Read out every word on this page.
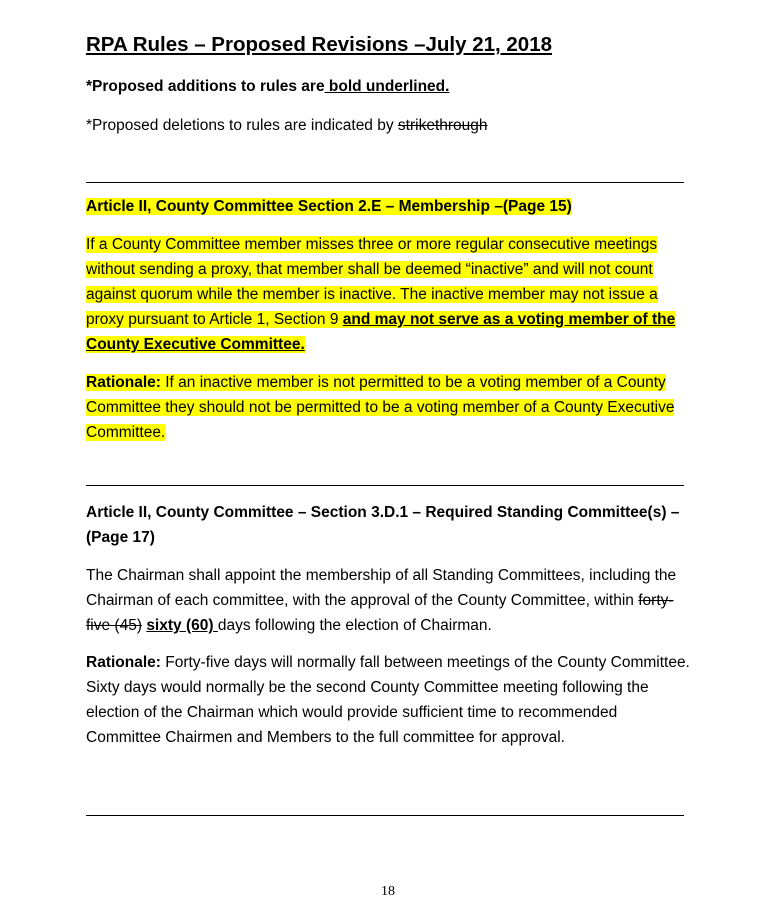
RPA Rules – Proposed Revisions –July 21, 2018
*Proposed additions to rules are bold underlined.
*Proposed deletions to rules are indicated by strikethrough
Article II, County Committee Section 2.E – Membership –(Page 15)
If a County Committee member misses three or more regular consecutive meetings without sending a proxy, that member shall be deemed “inactive” and will not count against quorum while the member is inactive. The inactive member may not issue a proxy pursuant to Article 1, Section 9 and may not serve as a voting member of the County Executive Committee.
Rationale: If an inactive member is not permitted to be a voting member of a County Committee they should not be permitted to be a voting member of a County Executive Committee.
Article II, County Committee – Section 3.D.1 – Required Standing Committee(s) – (Page 17)
The Chairman shall appoint the membership of all Standing Committees, including the Chairman of each committee, with the approval of the County Committee, within forty-five (45) sixty (60) days following the election of Chairman.
Rationale: Forty-five days will normally fall between meetings of the County Committee. Sixty days would normally be the second County Committee meeting following the election of the Chairman which would provide sufficient time to recommended Committee Chairmen and Members to the full committee for approval.
18
